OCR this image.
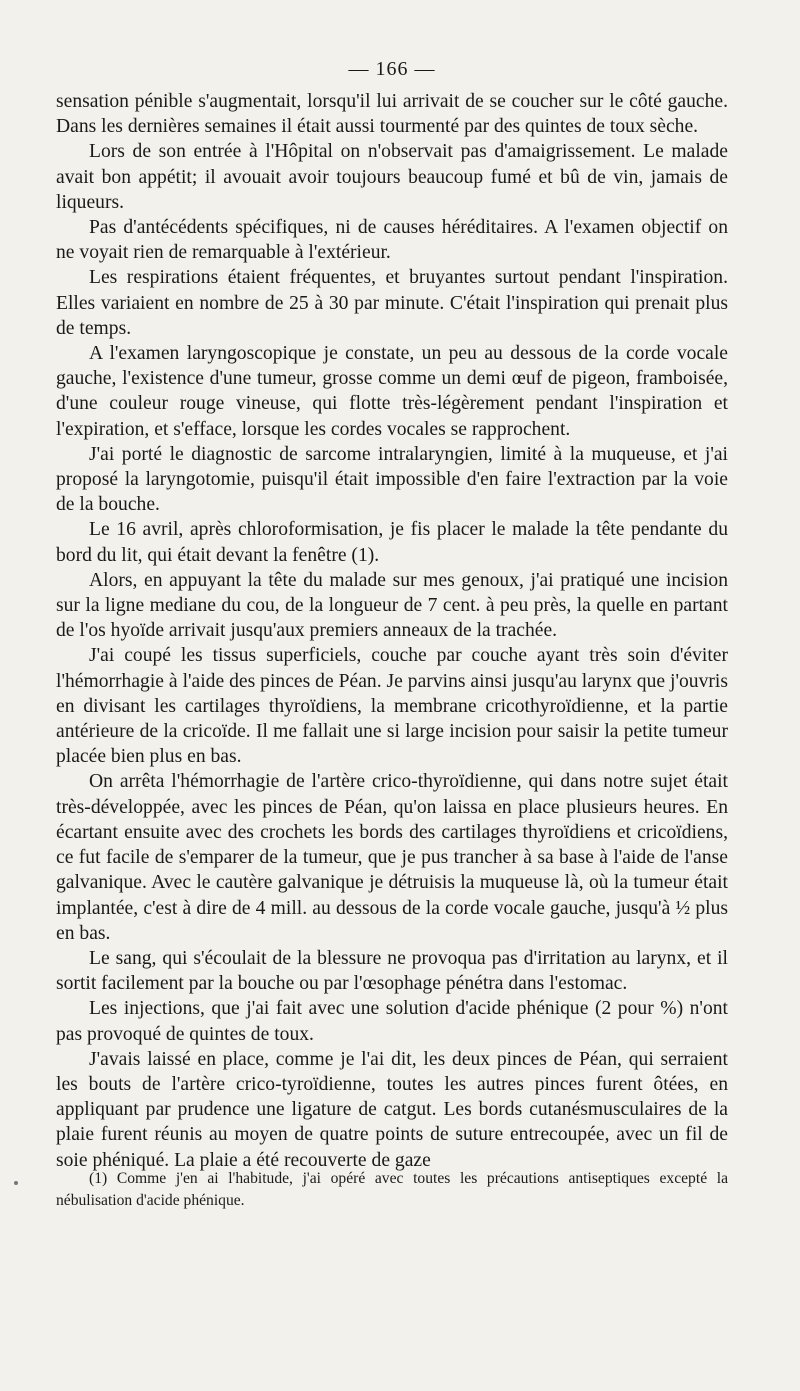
— 166 —

sensation pénible s'augmentait, lorsqu'il lui arrivait de se coucher sur le côté gauche. Dans les dernières semaines il était aussi tourmenté par des quintes de toux sèche.

Lors de son entrée à l'Hôpital on n'observait pas d'amaigrissement. Le malade avait bon appétit; il avouait avoir toujours beaucoup fumé et bû de vin, jamais de liqueurs.

Pas d'antécédents spécifiques, ni de causes héréditaires. A l'examen objectif on ne voyait rien de remarquable à l'extérieur.

Les respirations étaient fréquentes, et bruyantes surtout pendant l'inspiration. Elles variaient en nombre de 25 à 30 par minute. C'était l'inspiration qui prenait plus de temps.

A l'examen laryngoscopique je constate, un peu au dessous de la corde vocale gauche, l'existence d'une tumeur, grosse comme un demi œuf de pigeon, framboisée, d'une couleur rouge vineuse, qui flotte très-légèrement pendant l'inspiration et l'expiration, et s'efface, lorsque les cordes vocales se rapprochent.

J'ai porté le diagnostic de sarcome intralaryngien, limité à la muqueuse, et j'ai proposé la laryngotomie, puisqu'il était impossible d'en faire l'extraction par la voie de la bouche.

Le 16 avril, après chloroformisation, je fis placer le malade la tête pendante du bord du lit, qui était devant la fenêtre (1).

Alors, en appuyant la tête du malade sur mes genoux, j'ai pratiqué une incision sur la ligne mediane du cou, de la longueur de 7 cent. à peu près, la quelle en partant de l'os hyoïde arrivait jusqu'aux premiers anneaux de la trachée.

J'ai coupé les tissus superficiels, couche par couche ayant très soin d'éviter l'hémorrhagie à l'aide des pinces de Péan. Je parvins ainsi jusqu'au larynx que j'ouvris en divisant les cartilages thyroïdiens, la membrane cricothyroïdienne, et la partie antérieure de la cricoïde. Il me fallait une si large incision pour saisir la petite tumeur placée bien plus en bas.

On arrêta l'hémorrhagie de l'artère crico-thyroïdienne, qui dans notre sujet était très-développée, avec les pinces de Péan, qu'on laissa en place plusieurs heures. En écartant ensuite avec des crochets les bords des cartilages thyroïdiens et cricoïdiens, ce fut facile de s'emparer de la tumeur, que je pus trancher à sa base à l'aide de l'anse galvanique. Avec le cautère galvanique je détruisis la muqueuse là, où la tumeur était implantée, c'est à dire de 4 mill. au dessous de la corde vocale gauche, jusqu'à ½ plus en bas.

Le sang, qui s'écoulait de la blessure ne provoqua pas d'irritation au larynx, et il sortit facilement par la bouche ou par l'œsophage pénétra dans l'estomac.

Les injections, que j'ai fait avec une solution d'acide phénique (2 pour %) n'ont pas provoqué de quintes de toux.

J'avais laissé en place, comme je l'ai dit, les deux pinces de Péan, qui serraient les bouts de l'artère crico-tyroïdienne, toutes les autres pinces furent ôtées, en appliquant par prudence une ligature de catgut. Les bords cutanésmusculaires de la plaie furent réunis au moyen de quatre points de suture entrecoupée, avec un fil de soie phéniqué. La plaie a été recouverte de gaze

(1) Comme j'en ai l'habitude, j'ai opéré avec toutes les précautions antiseptiques excepté la nébulisation d'acide phénique.
